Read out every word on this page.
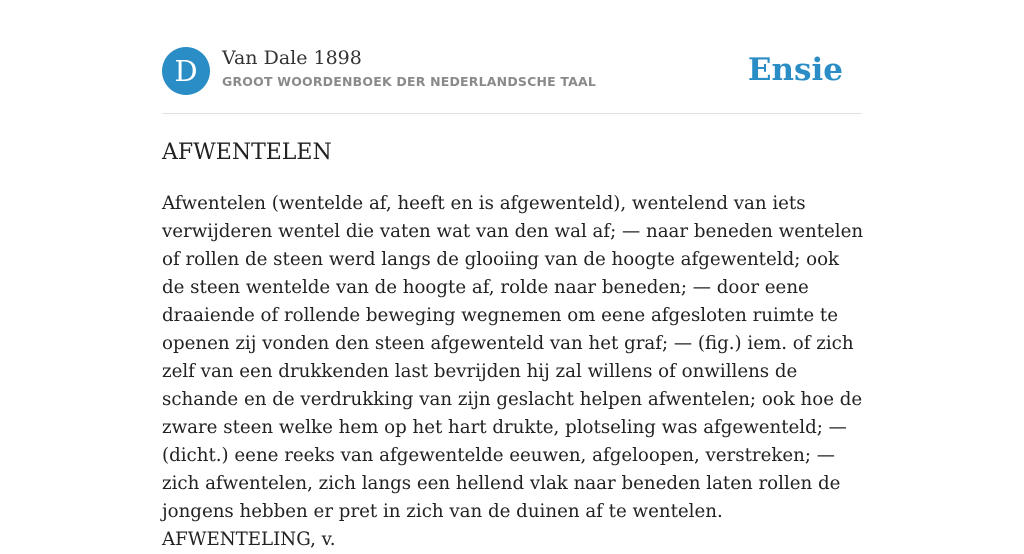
D	Van Dale 1898
GROOT WOORDENBOEK DER NEDERLANDSCHE TAAL	Ensie
AFWENTELEN

Afwentelen (wentelde af, heeft en is afgewenteld), wentelend van iets verwijderen wentel die vaten wat van den wal af; — naar beneden wentelen of rollen de steen werd langs de glooiing van de hoogte afgewenteld; ook de steen wentelde van de hoogte af, rolde naar beneden; — door eene draaiende of rollende beweging wegnemen om eene afgesloten ruimte te openen zij vonden den steen afgewenteld van het graf; — (fig.) iem. of zich zelf van een drukkenden last bevrijden hij zal willens of onwillens de schande en de verdrukking van zijn geslacht helpen afwentelen; ook hoe de zware steen welke hem op het hart drukte, plotseling was afgewenteld; — (dicht.) eene reeks van afgewentelde eeuwen, afgeloopen, verstreken; — zich afwentelen, zich langs een hellend vlak naar beneden laten rollen de jongens hebben er pret in zich van de duinen af te wentelen. AFWENTELING, v.
